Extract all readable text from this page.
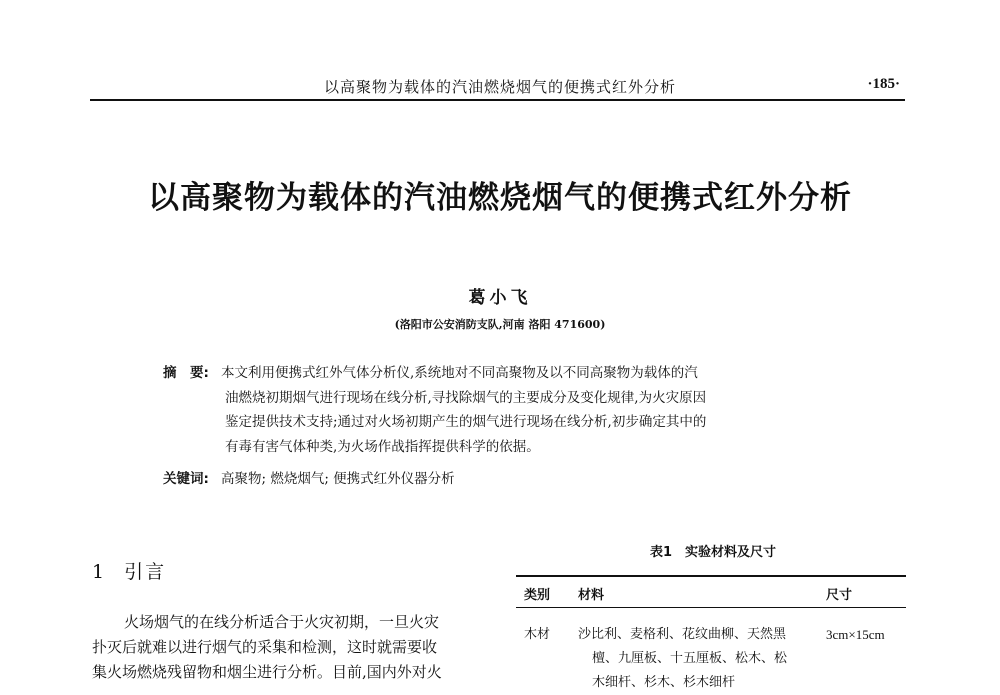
以高聚物为载体的汽油燃烧烟气的便携式红外分析	·185·
以高聚物为载体的汽油燃烧烟气的便携式红外分析
葛小飞
(洛阳市公安消防支队,河南 洛阳 471600)
摘　要: 本文利用便携式红外气体分析仪,系统地对不同高聚物及以不同高聚物为载体的汽
油燃烧初期烟气进行现场在线分析,寻找除烟气的主要成分及变化规律,为火灾原因
鉴定提供技术支持;通过对火场初期产生的烟气进行现场在线分析,初步确定其中的
有毒有害气体种类,为火场作战指挥提供科学的依据。
关键词: 高聚物; 燃烧烟气; 便携式红外仪器分析
1 引言
火场烟气的在线分析适合于火灾初期，一旦火灾
扑灭后就难以进行烟气的采集和检测，这时就需要收
集火场燃烧残留物和烟尘进行分析。目前,国内外对火
表1　实验材料及尺寸
类别 材料	尺寸
木材 沙比利、麦格利、花纹曲柳、天然黑
檀、九厘板、十五厘板、松木、松
木细杆、杉木、杉木细杆
3cm×15cm
